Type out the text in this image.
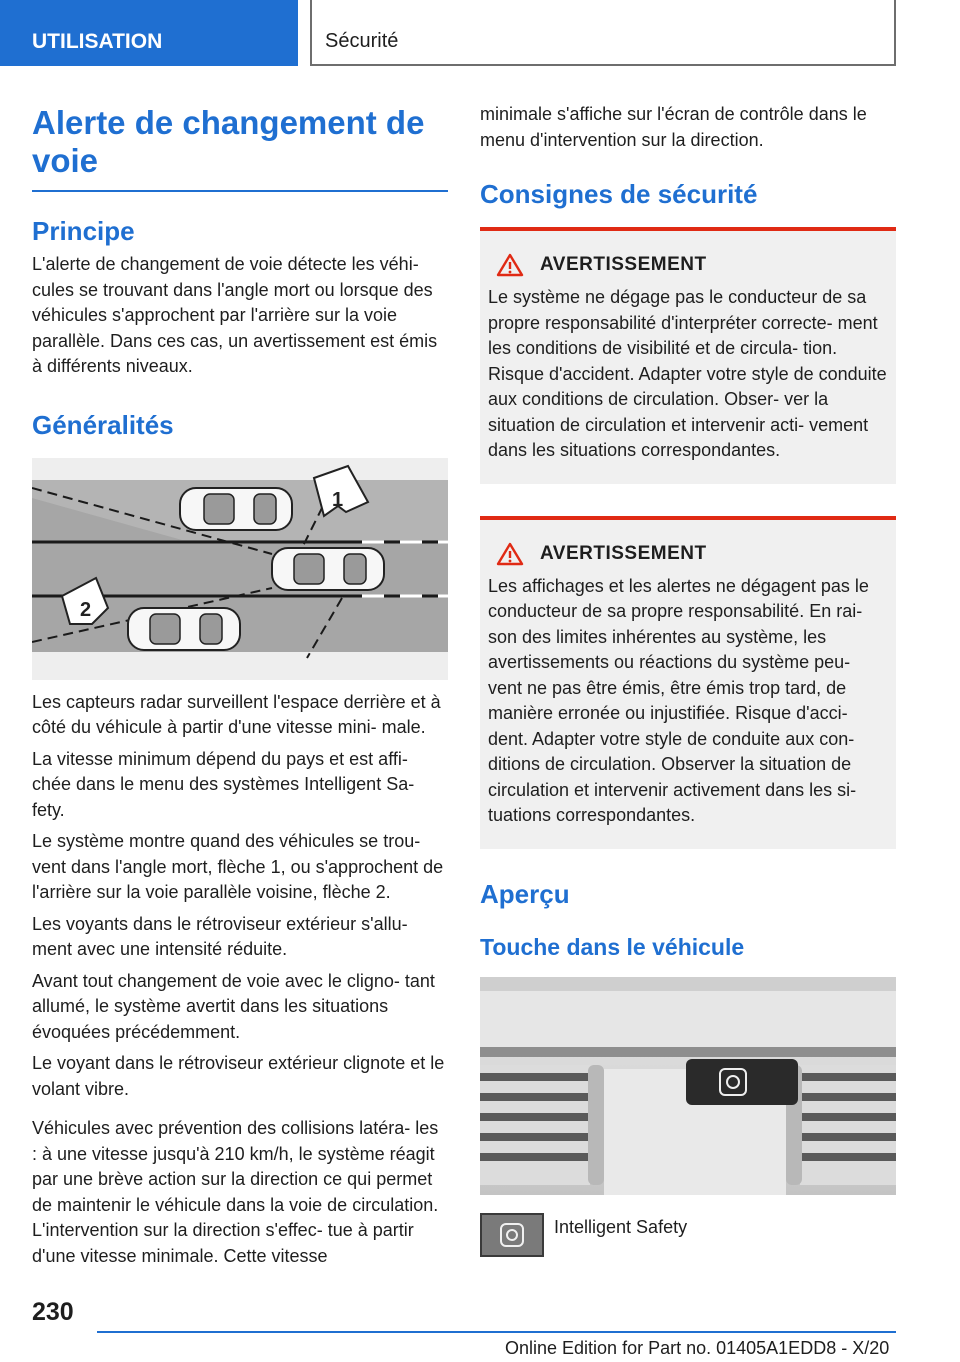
UTILISATION	Sécurité
Alerte de changement de voie
Principe

L'alerte de changement de voie détecte les véhi- cules se trouvant dans l'angle mort ou lorsque des véhicules s'approchent par l'arrière sur la voie parallèle. Dans ces cas, un avertissement est émis à différents niveaux.

Généralités
1
2

Les capteurs radar surveillent l'espace derrière et à côté du véhicule à partir d'une vitesse mini- male.

La vitesse minimum dépend du pays et est affi- chée dans le menu des systèmes Intelligent Sa- fety.

Le système montre quand des véhicules se trou- vent dans l'angle mort, flèche 1, ou s'approchent de l'arrière sur la voie parallèle voisine, flèche 2.

Les voyants dans le rétroviseur extérieur s'allu- ment avec une intensité réduite.

Avant tout changement de voie avec le cligno- tant allumé, le système avertit dans les situations évoquées précédemment.

Le voyant dans le rétroviseur extérieur clignote et le volant vibre.

Véhicules avec prévention des collisions latéra- les : à une vitesse jusqu'à 210 km/h, le système réagit par une brève action sur la direction ce qui permet de maintenir le véhicule dans la voie de circulation. L'intervention sur la direction s'effec- tue à partir d'une vitesse minimale. Cette vitesse

minimale s'affiche sur l'écran de contrôle dans le menu d'intervention sur la direction.

Consignes de sécurité
AVERTISSEMENT

Le système ne dégage pas le conducteur de sa propre responsabilité d'interpréter correcte- ment les conditions de visibilité et de circula- tion. Risque d'accident. Adapter votre style de conduite aux conditions de circulation. Obser- ver la situation de circulation et intervenir acti- vement dans les situations correspondantes.

AVERTISSEMENT

Les affichages et les alertes ne dégagent pas le conducteur de sa propre responsabilité. En rai- son des limites inhérentes au système, les avertissements ou réactions du système peu- vent ne pas être émis, être émis trop tard, de manière erronée ou injustifiée. Risque d'acci- dent. Adapter votre style de conduite aux con- ditions de circulation. Observer la situation de circulation et intervenir activement dans les si- tuations correspondantes.

Aperçu
Touche dans le véhicule
Intelligent Safety
230
Online Edition for Part no. 01405A1EDD8 - X/20
